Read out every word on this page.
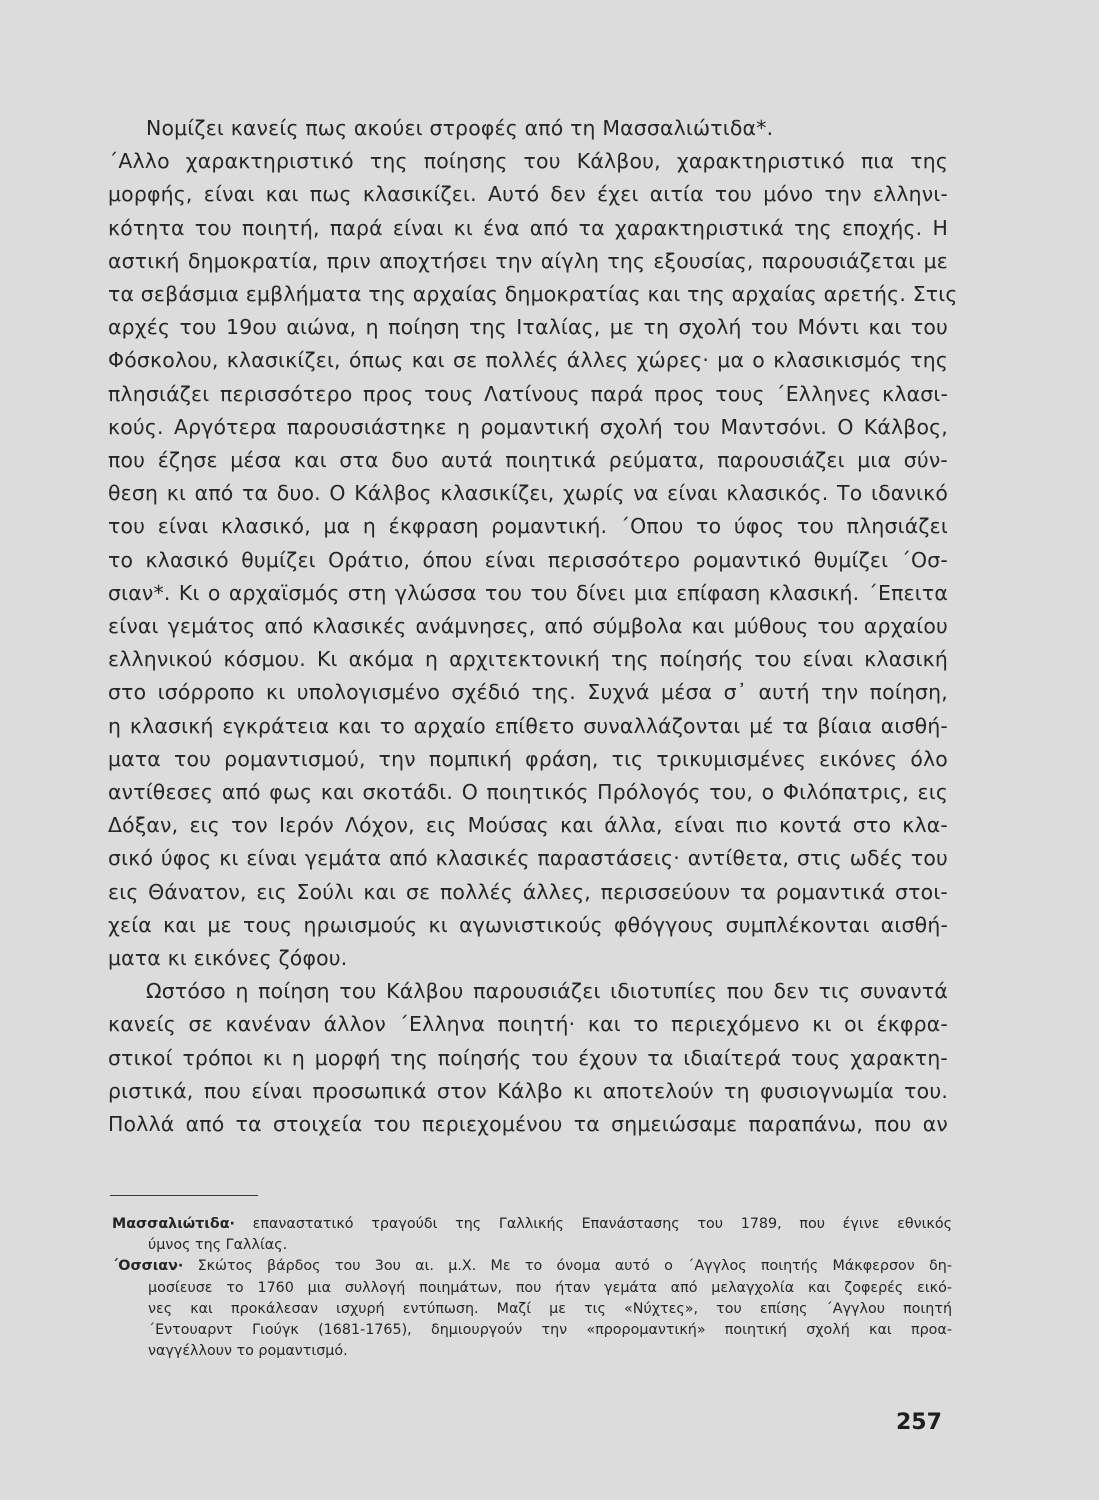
Νομίζει κανείς πως ακούει στροφές από τη Μασσαλιώτιδα*.
΄Αλλο χαρακτηριστικό της ποίησης του Κάλβου, χαρακτηριστικό πια της
μορφής, είναι και πως κλασικίζει. Αυτό δεν έχει αιτία του μόνο την ελληνι-
κότητα του ποιητή, παρά είναι κι ένα από τα χαρακτηριστικά της εποχής. Η
αστική δημοκρατία, πριν αποχτήσει την αίγλη της εξουσίας, παρουσιάζεται με
τα σεβάσμια εμβλήματα της αρχαίας δημοκρατίας και της αρχαίας αρετής. Στις
αρχές του 19ου αιώνα, η ποίηση της Ιταλίας, με τη σχολή του Μόντι και του
Φόσκολου, κλασικίζει, όπως και σε πολλές άλλες χώρες· μα ο κλασικισμός της
πλησιάζει περισσότερο προς τους Λατίνους παρά προς τους ΄Ελληνες κλασι-
κούς. Αργότερα παρουσιάστηκε η ρομαντική σχολή του Μαντσόνι. Ο Κάλβος,
που έζησε μέσα και στα δυο αυτά ποιητικά ρεύματα, παρουσιάζει μια σύν-
θεση κι από τα δυο. Ο Κάλβος κλασικίζει, χωρίς να είναι κλασικός. Το ιδανικό
του είναι κλασικό, μα η έκφραση ρομαντική. ΄Οπου το ύφος του πλησιάζει
το κλασικό θυμίζει Οράτιο, όπου είναι περισσότερο ρομαντικό θυμίζει ΄Οσ-
σιαν*. Κι ο αρχαϊσμός στη γλώσσα του του δίνει μια επίφαση κλασική. ΄Επειτα
είναι γεμάτος από κλασικές ανάμνησες, από σύμβολα και μύθους του αρχαίου
ελληνικού κόσμου. Κι ακόμα η αρχιτεκτονική της ποίησής του είναι κλασική
στο ισόρροπο κι υπολογισμένο σχέδιό της. Συχνά μέσα σ᾽ αυτή την ποίηση,
η κλασική εγκράτεια και το αρχαίο επίθετο συναλλάζονται μέ τα βίαια αισθή-
ματα του ρομαντισμού, την πομπική φράση, τις τρικυμισμένες εικόνες όλο
αντίθεσες από φως και σκοτάδι. Ο ποιητικός Πρόλογός του, ο Φιλόπατρις, εις
Δόξαν, εις τον Ιερόν Λόχον, εις Μούσας και άλλα, είναι πιο κοντά στο κλα-
σικό ύφος κι είναι γεμάτα από κλασικές παραστάσεις· αντίθετα, στις ωδές του
εις Θάνατον, εις Σούλι και σε πολλές άλλες, περισσεύουν τα ρομαντικά στοι-
χεία και με τους ηρωισμούς κι αγωνιστικούς φθόγγους συμπλέκονται αισθή-
ματα κι εικόνες ζόφου.
Ωστόσο η ποίηση του Κάλβου παρουσιάζει ιδιοτυπίες που δεν τις συναντά
κανείς σε κανέναν άλλον ΄Ελληνα ποιητή· και το περιεχόμενο κι οι έκφρα-
στικοί τρόποι κι η μορφή της ποίησής του έχουν τα ιδιαίτερά τους χαρακτη-
ριστικά, που είναι προσωπικά στον Κάλβο κι αποτελούν τη φυσιογνωμία του.
Πολλά από τα στοιχεία του περιεχομένου τα σημειώσαμε παραπάνω, που αν
Μασσαλιώτιδα· επαναστατικό τραγούδι της Γαλλικής Επανάστασης του 1789, που έγινε εθνικός
ύμνος της Γαλλίας.
΄Οσσιαν· Σκώτος βάρδος του 3ου αι. μ.Χ. Με το όνομα αυτό ο ΄Αγγλος ποιητής Μάκφερσον δη-
μοσίευσε το 1760 μια συλλογή ποιημάτων, που ήταν γεμάτα από μελαγχολία και ζοφερές εικό-
νες και προκάλεσαν ισχυρή εντύπωση. Μαζί με τις «Νύχτες», του επίσης ΄Αγγλου ποιητή
΄Εντουαρντ Γιούγκ (1681-1765), δημιουργούν την «προρομαντική» ποιητική σχολή και προα-
ναγγέλλουν το ρομαντισμό.
257
